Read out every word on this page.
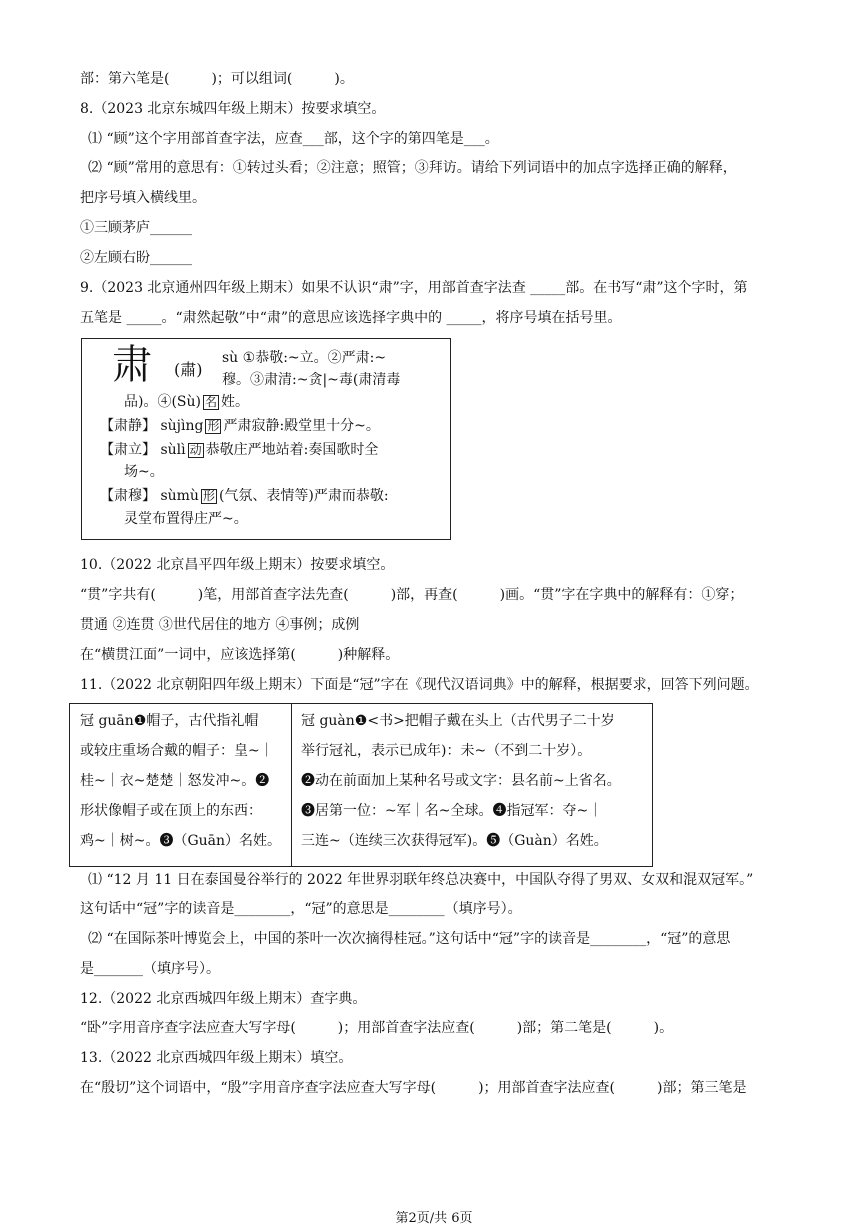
部：第六笔是(　　　)；可以组词(　　　)。
8.（2023 北京东城四年级上期末）按要求填空。
⑴ “顾”这个字用部首查字法，应查___部，这个字的第四笔是___。
⑵ “顾”常用的意思有：①转过头看；②注意；照管；③拜访。请给下列词语中的加点字选择正确的解释，
把序号填入横线里。
①三顾茅庐______
②左顾右盼______
9.（2023 北京通州四年级上期末）如果不认识“肃”字，用部首查字法查 _____部。在书写“肃”这个字时，第
五笔是 _____。“肃然起敬”中“肃”的意思应该选择字典中的 _____，将序号填在括号里。
肃 (肅)
sù ①恭敬:~立。②严肃:~
穆。③肃清:~贪|~毒(肃清毒
品)。④(Sù) 名 姓。
【肃静】 sùjìng 形 严肃寂静:殿堂里十分~。
【肃立】 sùlì 动 恭敬庄严地站着:奏国歌时全
场~。
【肃穆】 sùmù 形 (气氛、表情等)严肃而恭敬:
灵堂布置得庄严~。
10.（2022 北京昌平四年级上期末）按要求填空。
“贯”字共有(　　　)笔，用部首查字法先查(　　　)部，再查(　　　)画。“贯”字在字典中的解释有：①穿；
贯通 ②连贯 ③世代居住的地方 ④事例；成例
在“横贯江面”一词中，应该选择第(　　　)种解释。
11.（2022 北京朝阳四年级上期末）下面是“冠”字在《现代汉语词典》中的解释，根据要求，回答下列问题。
冠 guān❶帽子，古代指礼帽
或较庄重场合戴的帽子：皇~｜
桂~｜衣~楚楚｜怒发冲~。❷
形状像帽子或在顶上的东西：
鸡~｜树~。❸（Guān）名姓。
冠 guàn❶<书>把帽子戴在头上（古代男子二十岁
举行冠礼，表示已成年)：未~（不到二十岁）。
❷动在前面加上某种名号或文字：县名前~上省名。
❸居第一位：~军｜名~全球。❹指冠军：夺~｜
三连~（连续三次获得冠军)。❺（Guàn）名姓。
⑴ “12 月 11 日在泰国曼谷举行的 2022 年世界羽联年终总决赛中，中国队夺得了男双、女双和混双冠军。”
这句话中“冠”字的读音是________，“冠”的意思是________（填序号）。
⑵ “在国际茶叶博览会上，中国的茶叶一次次摘得桂冠。”这句话中“冠”字的读音是________，“冠”的意思
是_______（填序号）。
12.（2022 北京西城四年级上期末）查字典。
“卧”字用音序查字法应查大写字母(　　　)；用部首查字法应查(　　　)部；第二笔是(　　　)。
13.（2022 北京西城四年级上期末）填空。
在“殷切”这个词语中，“殷”字用音序查字法应查大写字母(　　　)；用部首查字法应查(　　　)部；第三笔是
第2页/共 6页
